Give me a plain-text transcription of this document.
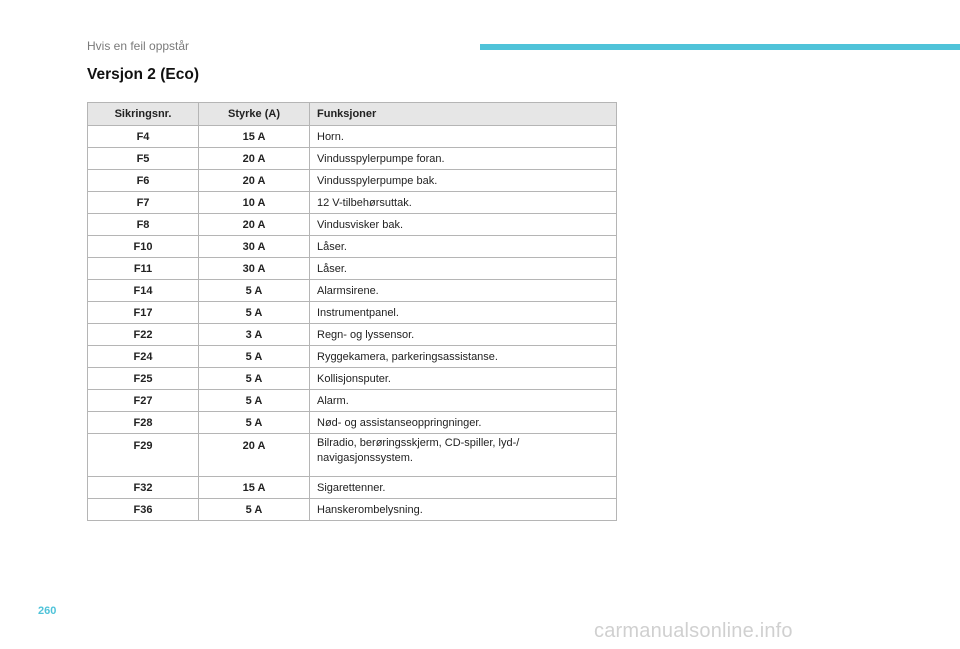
Hvis en feil oppstår
Versjon 2 (Eco)
Sikringsnr.	Styrke (A)	Funksjoner
F4	15 A	Horn.
F5	20 A	Vindusspylerpumpe foran.
F6	20 A	Vindusspylerpumpe bak.
F7	10 A	12 V-tilbehørsuttak.
F8	20 A	Vindusvisker bak.
F10	30 A	Låser.
F11	30 A	Låser.
F14	5 A	Alarmsirene.
F17	5 A	Instrumentpanel.
F22	3 A	Regn- og lyssensor.
F24	5 A	Ryggekamera, parkeringsassistanse.
F25	5 A	Kollisjonsputer.
F27	5 A	Alarm.
F28	5 A	Nød- og assistanseoppringninger.
F29	20 A	Bilradio, berøringsskjerm, CD-spiller, lyd-/
navigasjonssystem.

F32	15 A	Sigarettenner.
F36	5 A	Hanskerombelysning.
260
carmanualsonline.info
